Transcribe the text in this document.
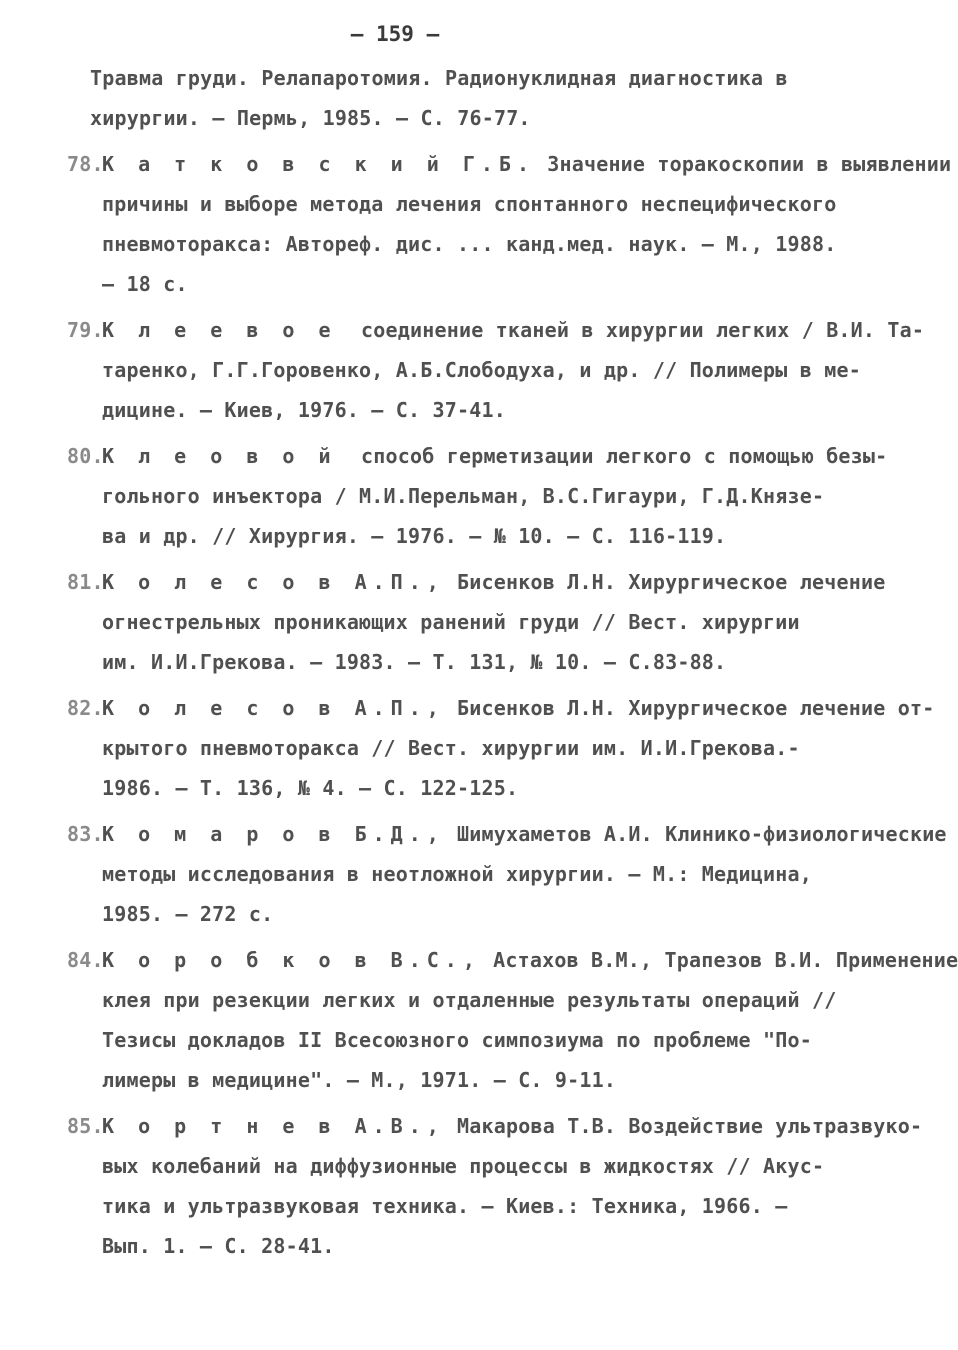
— 159 —
Травма груди. Релапаротомия. Радионуклидная диагностика в
хирургии. — Пермь, 1985. — С. 76-77.
78.К а т к о в с к и й Г.Б. Значение торакоскопии в выявлении
причины и выборе метода лечения спонтанного неспецифического
пневмоторакса: Автореф. дис. ... канд.мед. наук. — М., 1988.
— 18 с.
79.К л е е в о е соединение тканей в хирургии легких / В.И. Та-
таренко, Г.Г.Горовенко, А.Б.Слободуха, и др. // Полимеры в ме-
дицине. — Киев, 1976. — С. 37-41.
80.К л е о в о й способ герметизации легкого с помощью безы-
гольного инъектора / М.И.Перельман, В.С.Гигаури, Г.Д.Князе-
ва и др. // Хирургия. — 1976. — № 10. — С. 116-119.
81.К о л е с о в А.П., Бисенков Л.Н. Хирургическое лечение
огнестрельных проникающих ранений груди // Вест. хирургии
им. И.И.Грекова. — 1983. — Т. 131, № 10. — С.83-88.
82.К о л е с о в А.П., Бисенков Л.Н. Хирургическое лечение от-
крытого пневмоторакса // Вест. хирургии им. И.И.Грекова.-
1986. — Т. 136, № 4. — С. 122-125.
83.К о м а р о в Б.Д., Шимухаметов А.И. Клинико-физиологические
методы исследования в неотложной хирургии. — М.: Медицина,
1985. — 272 с.
84.К о р о б к о в В.С., Астахов В.М., Трапезов В.И. Применение
клея при резекции легких и отдаленные результаты операций //
Тезисы докладов II Всесоюзного симпозиума по проблеме "По-
лимеры в медицине". — М., 1971. — С. 9-11.
85.К о р т н е в А.В., Макарова Т.В. Воздействие ультразвуко-
вых колебаний на диффузионные процессы в жидкостях // Акус-
тика и ультразвуковая техника. — Киев.: Техника, 1966. —
Вып. 1. — С. 28-41.
